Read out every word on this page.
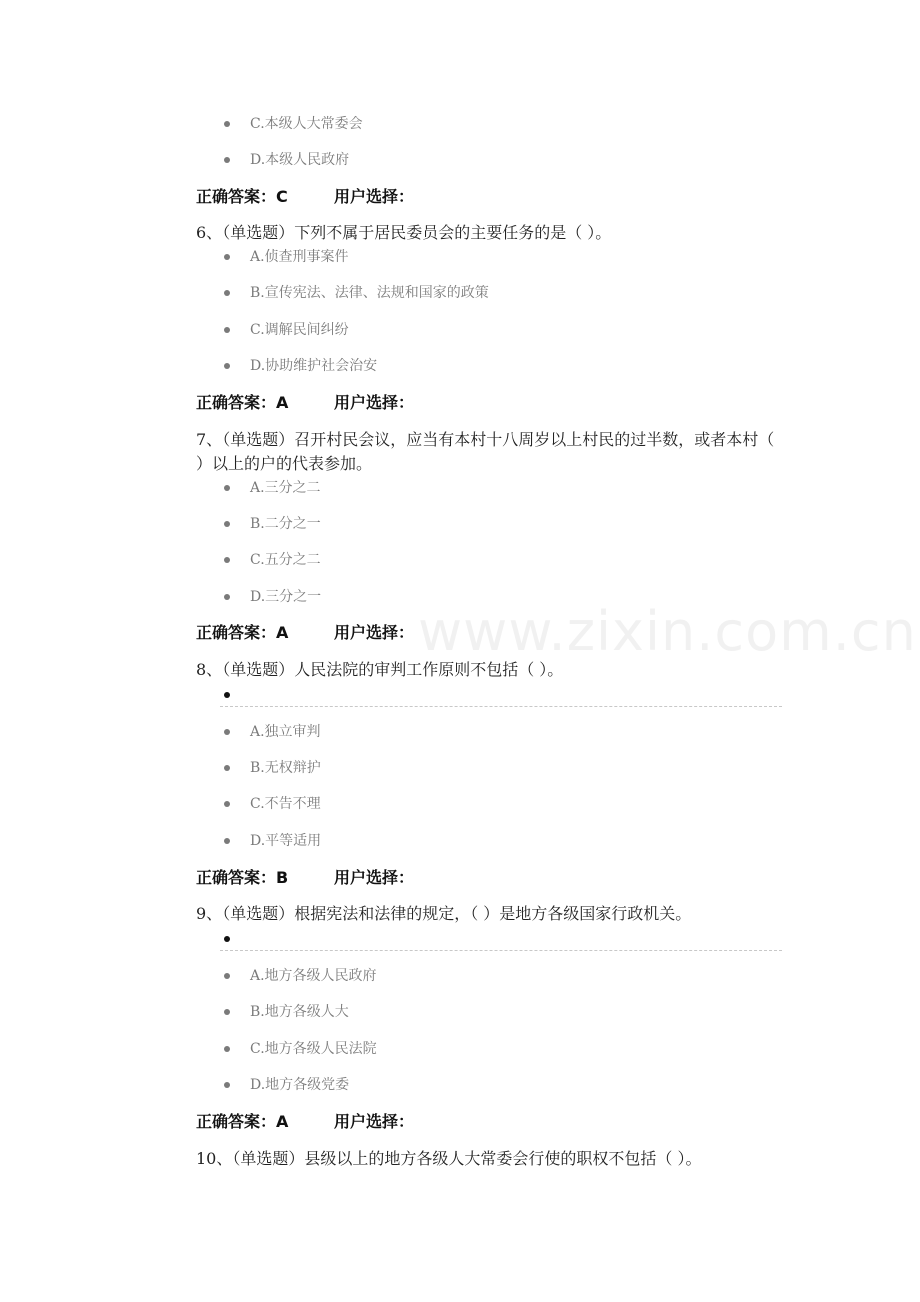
C.本级人大常委会
D.本级人民政府
正确答案：C	用户选择：
6、（单选题）下列不属于居民委员会的主要任务的是（ ）。
A.侦查刑事案件
B.宣传宪法、法律、法规和国家的政策
C.调解民间纠纷
D.协助维护社会治安
正确答案：A	用户选择：
7、（单选题）召开村民会议，应当有本村十八周岁以上村民的过半数，或者本村（ ）以上的户的代表参加。
A.三分之二
B.二分之一
C.五分之二
D.三分之一
正确答案：A	用户选择：
8、（单选题）人民法院的审判工作原则不包括（ ）。
A.独立审判
B.无权辩护
C.不告不理
D.平等适用
正确答案：B	用户选择：
9、（单选题）根据宪法和法律的规定，（ ）是地方各级国家行政机关。
A.地方各级人民政府
B.地方各级人大
C.地方各级人民法院
D.地方各级党委
正确答案：A	用户选择：
10、（单选题）县级以上的地方各级人大常委会行使的职权不包括（ ）。
www.zixin.com.cn
